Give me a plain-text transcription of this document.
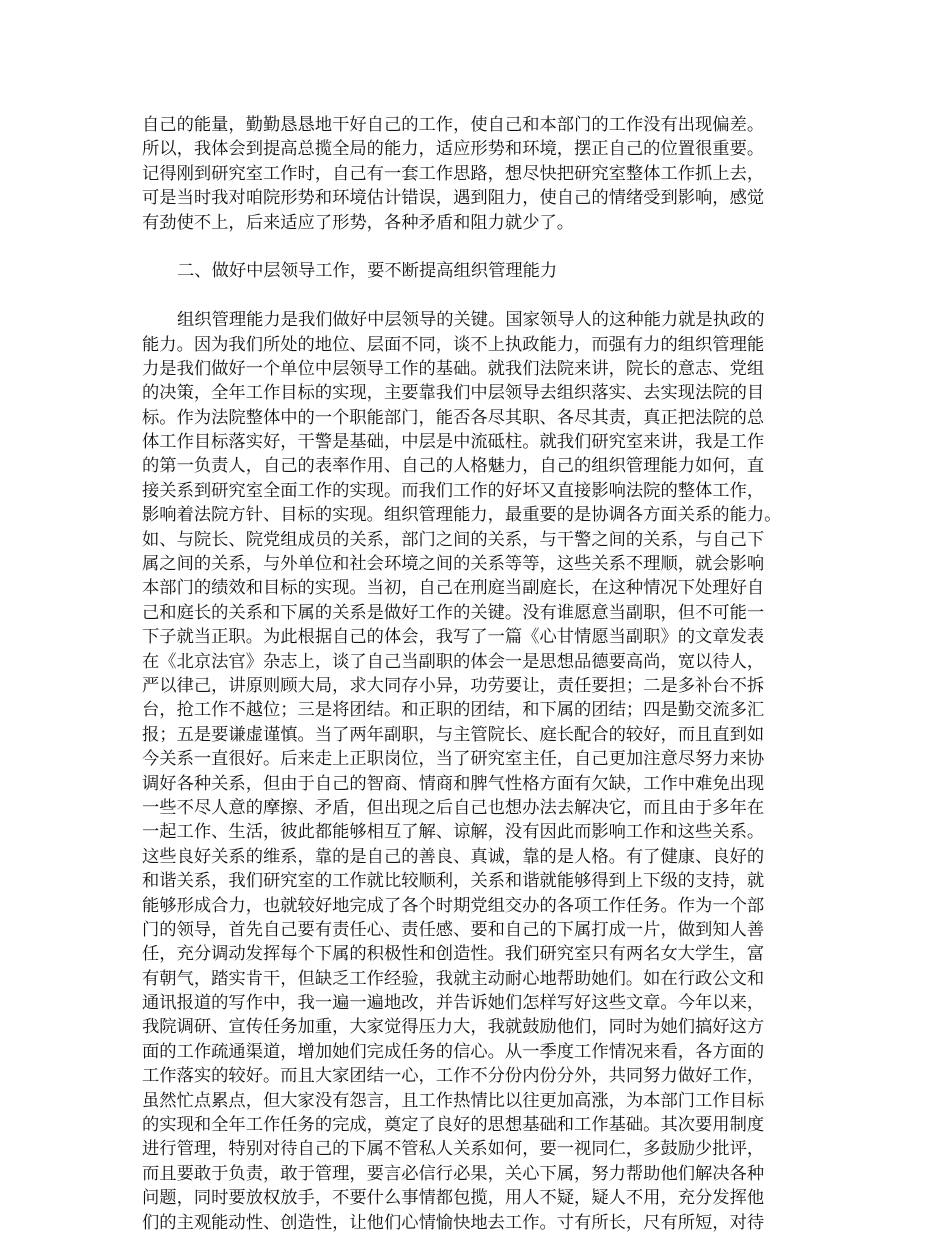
自己的能量，勤勤恳恳地干好自己的工作，使自己和本部门的工作没有出现偏差。
所以，我体会到提高总揽全局的能力，适应形势和环境，摆正自己的位置很重要。
记得刚到研究室工作时，自己有一套工作思路，想尽快把研究室整体工作抓上去，
可是当时我对咱院形势和环境估计错误，遇到阻力，使自己的情绪受到影响，感觉
有劲使不上，后来适应了形势，各种矛盾和阻力就少了。
二、做好中层领导工作，要不断提高组织管理能力
组织管理能力是我们做好中层领导的关键。国家领导人的这种能力就是执政的
能力。因为我们所处的地位、层面不同，谈不上执政能力，而强有力的组织管理能
力是我们做好一个单位中层领导工作的基础。就我们法院来讲，院长的意志、党组
的决策，全年工作目标的实现，主要靠我们中层领导去组织落实、去实现法院的目
标。作为法院整体中的一个职能部门，能否各尽其职、各尽其责，真正把法院的总
体工作目标落实好，干警是基础，中层是中流砥柱。就我们研究室来讲，我是工作
的第一负责人，自己的表率作用、自己的人格魅力，自己的组织管理能力如何，直
接关系到研究室全面工作的实现。而我们工作的好坏又直接影响法院的整体工作，
影响着法院方针、目标的实现。组织管理能力，最重要的是协调各方面关系的能力。
如、与院长、院党组成员的关系，部门之间的关系，与干警之间的关系，与自己下
属之间的关系，与外单位和社会环境之间的关系等等，这些关系不理顺，就会影响
本部门的绩效和目标的实现。当初，自己在刑庭当副庭长，在这种情况下处理好自
己和庭长的关系和下属的关系是做好工作的关键。没有谁愿意当副职，但不可能一
下子就当正职。为此根据自己的体会，我写了一篇《心甘情愿当副职》的文章发表
在《北京法官》杂志上，谈了自己当副职的体会一是思想品德要高尚，宽以待人，
严以律己，讲原则顾大局，求大同存小异，功劳要让，责任要担；二是多补台不拆
台，抢工作不越位；三是将团结。和正职的团结，和下属的团结；四是勤交流多汇
报；五是要谦虚谨慎。当了两年副职，与主管院长、庭长配合的较好，而且直到如
今关系一直很好。后来走上正职岗位，当了研究室主任，自己更加注意尽努力来协
调好各种关系，但由于自己的智商、情商和脾气性格方面有欠缺，工作中难免出现
一些不尽人意的摩擦、矛盾，但出现之后自己也想办法去解决它，而且由于多年在
一起工作、生活，彼此都能够相互了解、谅解，没有因此而影响工作和这些关系。
这些良好关系的维系，靠的是自己的善良、真诚，靠的是人格。有了健康、良好的
和谐关系，我们研究室的工作就比较顺利，关系和谐就能够得到上下级的支持，就
能够形成合力，也就较好地完成了各个时期党组交办的各项工作任务。作为一个部
门的领导，首先自己要有责任心、责任感、要和自己的下属打成一片，做到知人善
任，充分调动发挥每个下属的积极性和创造性。我们研究室只有两名女大学生，富
有朝气，踏实肯干，但缺乏工作经验，我就主动耐心地帮助她们。如在行政公文和
通讯报道的写作中，我一遍一遍地改，并告诉她们怎样写好这些文章。今年以来，
我院调研、宣传任务加重，大家觉得压力大，我就鼓励他们，同时为她们搞好这方
面的工作疏通渠道，增加她们完成任务的信心。从一季度工作情况来看，各方面的
工作落实的较好。而且大家团结一心，工作不分份内份分外，共同努力做好工作，
虽然忙点累点，但大家没有怨言，且工作热情比以往更加高涨，为本部门工作目标
的实现和全年工作任务的完成，奠定了良好的思想基础和工作基础。其次要用制度
进行管理，特别对待自己的下属不管私人关系如何，要一视同仁，多鼓励少批评，
而且要敢于负责，敢于管理，要言必信行必果，关心下属，努力帮助他们解决各种
问题，同时要放权放手，不要什么事情都包揽，用人不疑，疑人不用，充分发挥他
们的主观能动性、创造性，让他们心情愉快地去工作。寸有所长，尺有所短，对待
